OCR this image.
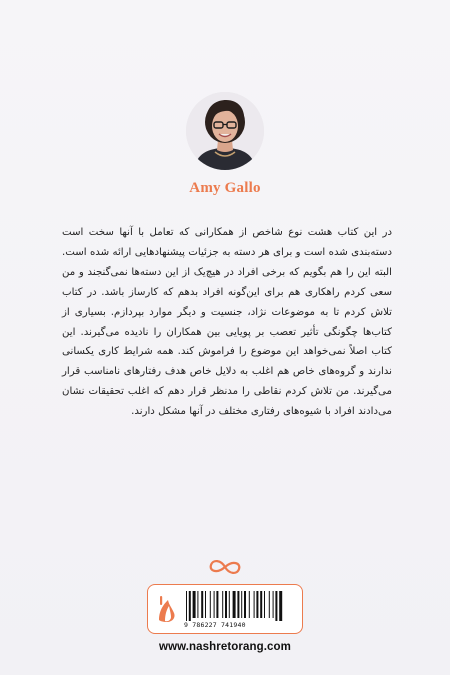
Amy Gallo
در این کتاب هشت نوع شاخص از همکارانی که تعامل با آنها سخت است دسته‌بندی شده است و برای هر دسته به جزئیات پیشنهادهایی ارائه شده است. البته این را هم بگویم که برخی افراد در هیچ‌یک از این دسته‌ها نمی‌گنجند و من سعی کردم راهکاری هم برای این‌گونه افراد بدهم که کارساز باشد. در کتاب تلاش کردم تا به موضوعات نژاد، جنسیت و دیگر موارد بپردازم. بسیاری از کتاب‌ها چگونگی تأثیر تعصب بر پویایی بین همکاران را نادیده می‌گیرند. این کتاب اصلاً نمی‌خواهد این موضوع را فراموش کند. همه شرایط کاری یکسانی ندارند و گروه‌های خاص هم اغلب به دلایل خاص هدف رفتارهای نامناسب قرار می‌گیرند. من تلاش کردم نقاطی را مدنظر قرار دهم که اغلب تحقیقات نشان می‌دادند افراد با شیوه‌های رفتاری مختلف در آنها مشکل دارند.
9 786227 741940
www.nashretorang.com
